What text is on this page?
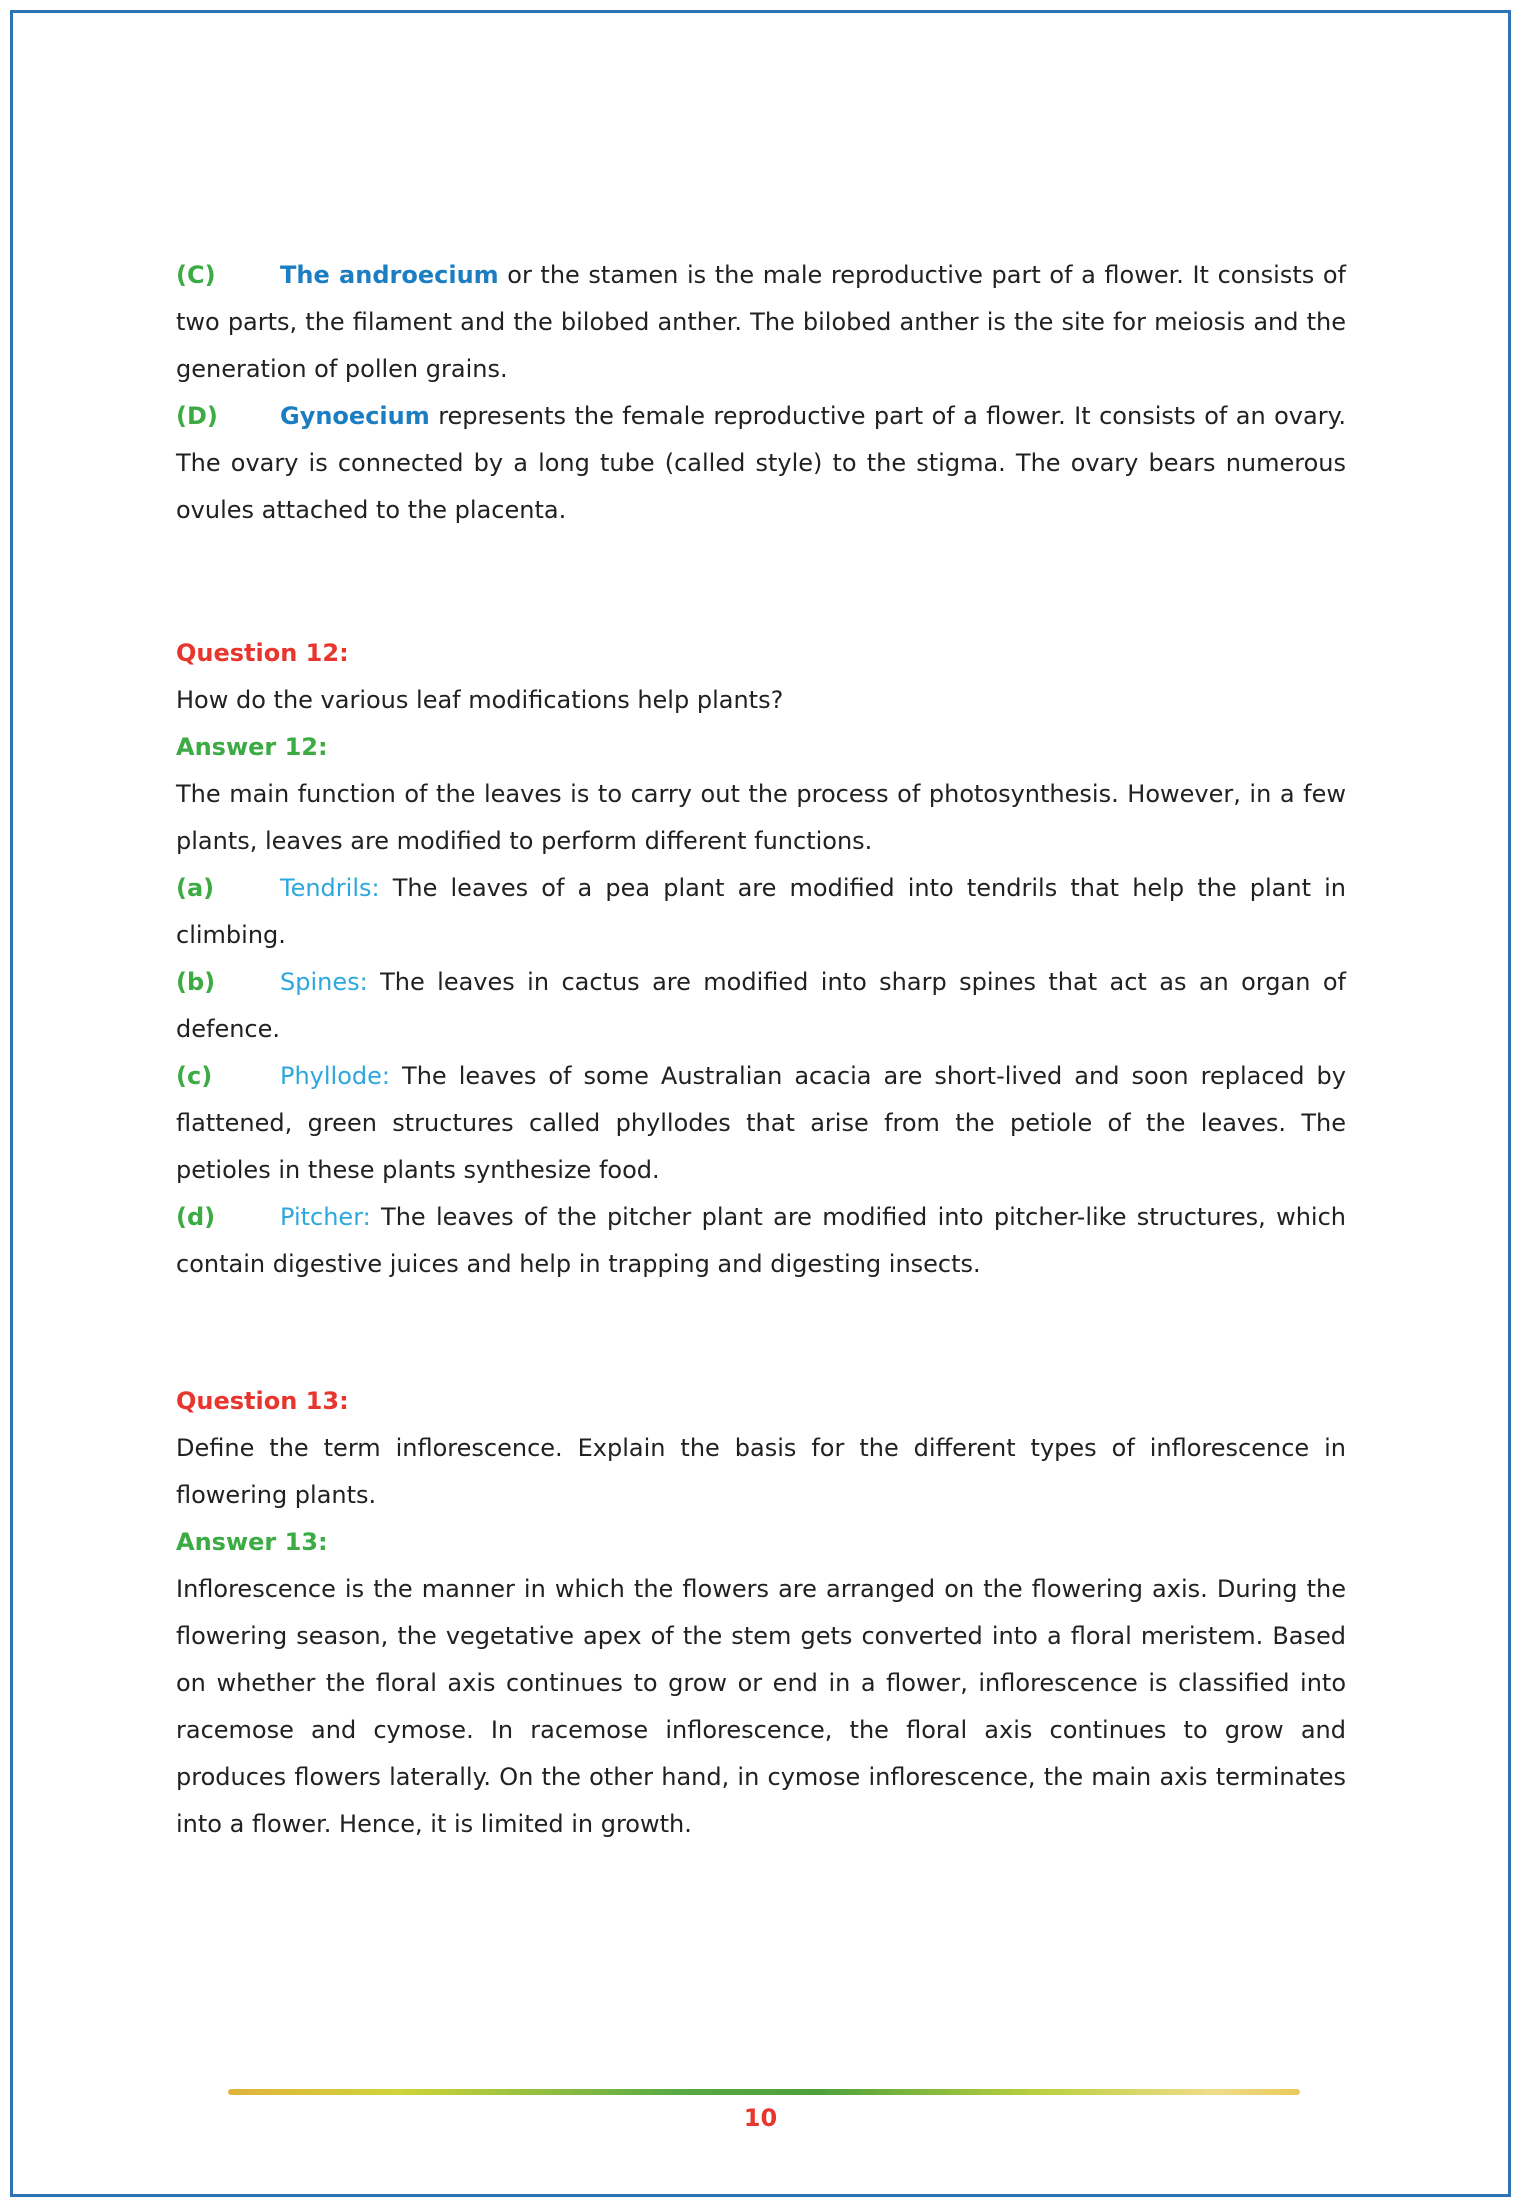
(C)	The androecium or the stamen is the male reproductive part of a flower. It consists of two parts, the filament and the bilobed anther. The bilobed anther is the site for meiosis and the generation of pollen grains.

(D)	Gynoecium represents the female reproductive part of a flower. It consists of an ovary. The ovary is connected by a long tube (called style) to the stigma. The ovary bears numerous ovules attached to the placenta.

Question 12:

How do the various leaf modifications help plants?

Answer 12:

The main function of the leaves is to carry out the process of photosynthesis. However, in a few plants, leaves are modified to perform different functions.

(a)	Tendrils: The leaves of a pea plant are modified into tendrils that help the plant in climbing.

(b)	Spines: The leaves in cactus are modified into sharp spines that act as an organ of defence.

(c)	Phyllode: The leaves of some Australian acacia are short-lived and soon replaced by flattened, green structures called phyllodes that arise from the petiole of the leaves. The petioles in these plants synthesize food.

(d)	Pitcher: The leaves of the pitcher plant are modified into pitcher-like structures, which contain digestive juices and help in trapping and digesting insects.

Question 13:

Define the term inflorescence. Explain the basis for the different types of inflorescence in flowering plants.

Answer 13:

Inflorescence is the manner in which the flowers are arranged on the flowering axis. During the flowering season, the vegetative apex of the stem gets converted into a floral meristem. Based on whether the floral axis continues to grow or end in a flower, inflorescence is classified into racemose and cymose. In racemose inflorescence, the floral axis continues to grow and produces flowers laterally. On the other hand, in cymose inflorescence, the main axis terminates into a flower. Hence, it is limited in growth.

10
